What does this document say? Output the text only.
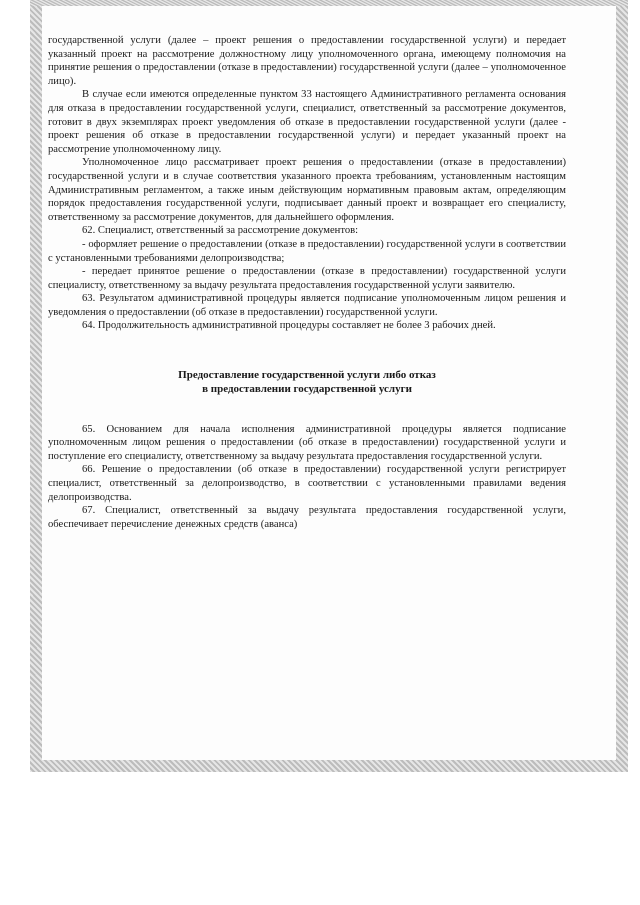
государственной услуги (далее – проект решения о предоставлении государственной услуги) и передает указанный проект на рассмотрение должностному лицу уполномоченного органа, имеющему полномочия на принятие решения о предоставлении (отказе в предоставлении) государственной услуги (далее – уполномоченное лицо).

В случае если имеются определенные пунктом 33 настоящего Административного регламента основания для отказа в предоставлении государственной услуги, специалист, ответственный за рассмотрение документов, готовит в двух экземплярах проект уведомления об отказе в предоставлении государственной услуги (далее - проект решения об отказе в предоставлении государственной услуги) и передает указанный проект на рассмотрение уполномоченному лицу.

Уполномоченное лицо рассматривает проект решения о предоставлении (отказе в предоставлении) государственной услуги и в случае соответствия указанного проекта требованиям, установленным настоящим Административным регламентом, а также иным действующим нормативным правовым актам, определяющим порядок предоставления государственной услуги, подписывает данный проект и возвращает его специалисту, ответственному за рассмотрение документов, для дальнейшего оформления.

62. Специалист, ответственный за рассмотрение документов:

- оформляет решение о предоставлении (отказе в предоставлении) государственной услуги в соответствии с установленными требованиями делопроизводства;

- передает принятое решение о предоставлении (отказе в предоставлении) государственной услуги специалисту, ответственному за выдачу результата предоставления государственной услуги заявителю.

63. Результатом административной процедуры является подписание уполномоченным лицом решения и уведомления о предоставлении (об отказе в предоставлении) государственной услуги.

64. Продолжительность административной процедуры составляет не более 3 рабочих дней.

Предоставление государственной услуги либо отказ
в предоставлении государственной услуги

65. Основанием для начала исполнения административной процедуры является подписание уполномоченным лицом решения о предоставлении (об отказе в предоставлении) государственной услуги и поступление его специалисту, ответственному за выдачу результата предоставления государственной услуги.

66. Решение о предоставлении (об отказе в предоставлении) государственной услуги регистрирует специалист, ответственный за делопроизводство, в соответствии с установленными правилами ведения делопроизводства.

67. Специалист, ответственный за выдачу результата предоставления государственной услуги, обеспечивает перечисление денежных средств (аванса)
